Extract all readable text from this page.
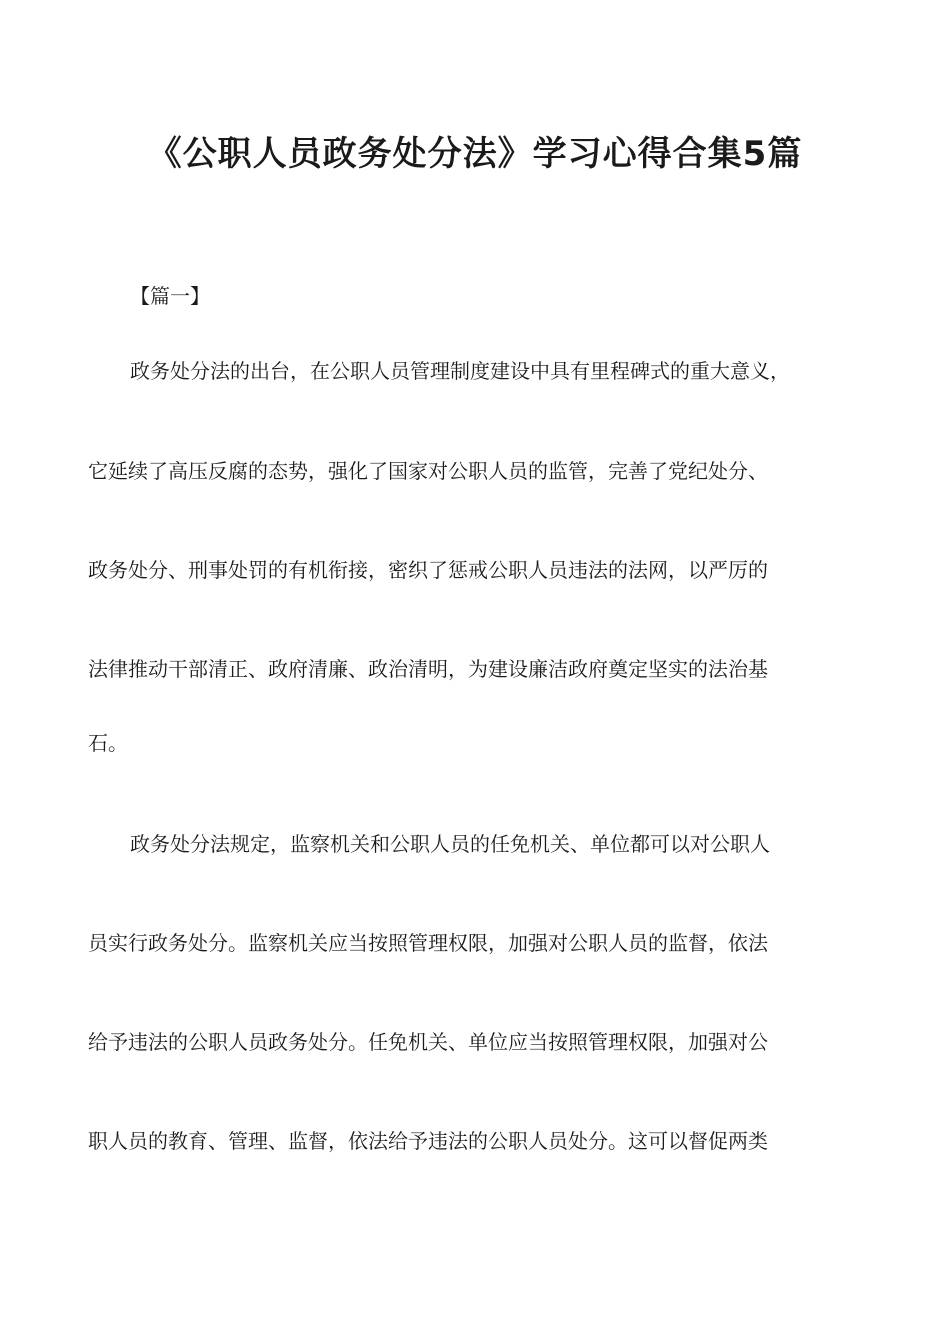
《公职人员政务处分法》学习心得合集5篇
【篇一】
政务处分法的出台，在公职人员管理制度建设中具有里程碑式的重大意义，
它延续了高压反腐的态势，强化了国家对公职人员的监管，完善了党纪处分、
政务处分、刑事处罚的有机衔接，密织了惩戒公职人员违法的法网，以严厉的
法律推动干部清正、政府清廉、政治清明，为建设廉洁政府奠定坚实的法治基
石。
政务处分法规定，监察机关和公职人员的任免机关、单位都可以对公职人
员实行政务处分。监察机关应当按照管理权限，加强对公职人员的监督，依法
给予违法的公职人员政务处分。任免机关、单位应当按照管理权限，加强对公
职人员的教育、管理、监督，依法给予违法的公职人员处分。这可以督促两类
